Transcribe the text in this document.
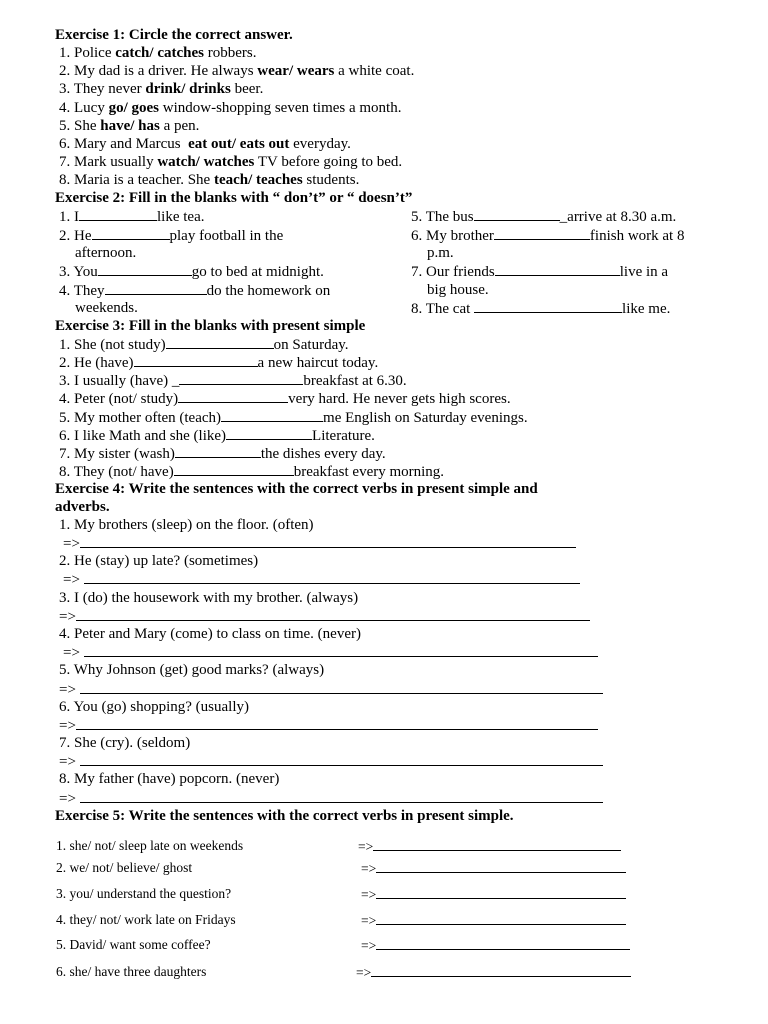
Exercise 1: Circle the correct answer.
1. Police catch/ catches robbers.
2. My dad is a driver. He always wear/ wears a white coat.
3. They never drink/ drinks beer.
4. Lucy go/ goes window-shopping seven times a month.
5. She have/ has a pen.
6. Mary and Marcus  eat out/ eats out everyday.
7. Mark usually watch/ watches TV before going to bed.
8. Maria is a teacher. She teach/ teaches students.
Exercise 2: Fill in the blanks with “ don’t” or “ doesn’t”
1. I	like tea.
2. He	play football in the
afternoon.
3. You	go to bed at midnight.
4. They	do the homework on
weekends.
5. The bus	_arrive at 8.30 a.m.
6. My brother	finish work at 8
p.m.
7. Our friends	live in a
big house.
8. The cat	like me.
Exercise 3: Fill in the blanks with present simple
1. She (not study)	on Saturday.
2. He (have)	a new haircut today.
3. I usually (have) _	breakfast at 6.30.
4. Peter (not/ study)	very hard. He never gets high scores.
5. My mother often (teach)	me English on Saturday evenings.
6. I like Math and she (like)	Literature.
7. My sister (wash)	the dishes every day.
8. They (not/ have)	breakfast every morning.
Exercise 4: Write the sentences with the correct verbs in present simple and
adverbs.
1. My brothers (sleep) on the floor. (often)
=>
2. He (stay) up late? (sometimes)
=>
3. I (do) the housework with my brother. (always)
=>
4. Peter and Mary (come) to class on time. (never)
=>
5. Why Johnson (get) good marks? (always)
=>
6. You (go) shopping? (usually)
=>
7. She (cry). (seldom)
=>
8. My father (have) popcorn. (never)
=>
Exercise 5: Write the sentences with the correct verbs in present simple.
1. she/ not/ sleep late on weekends	=>
2. we/ not/ believe/ ghost	=>
3. you/ understand the question?	=>
4. they/ not/ work late on Fridays	=>
5. David/ want some coffee?	=>
6. she/ have three daughters	=>
